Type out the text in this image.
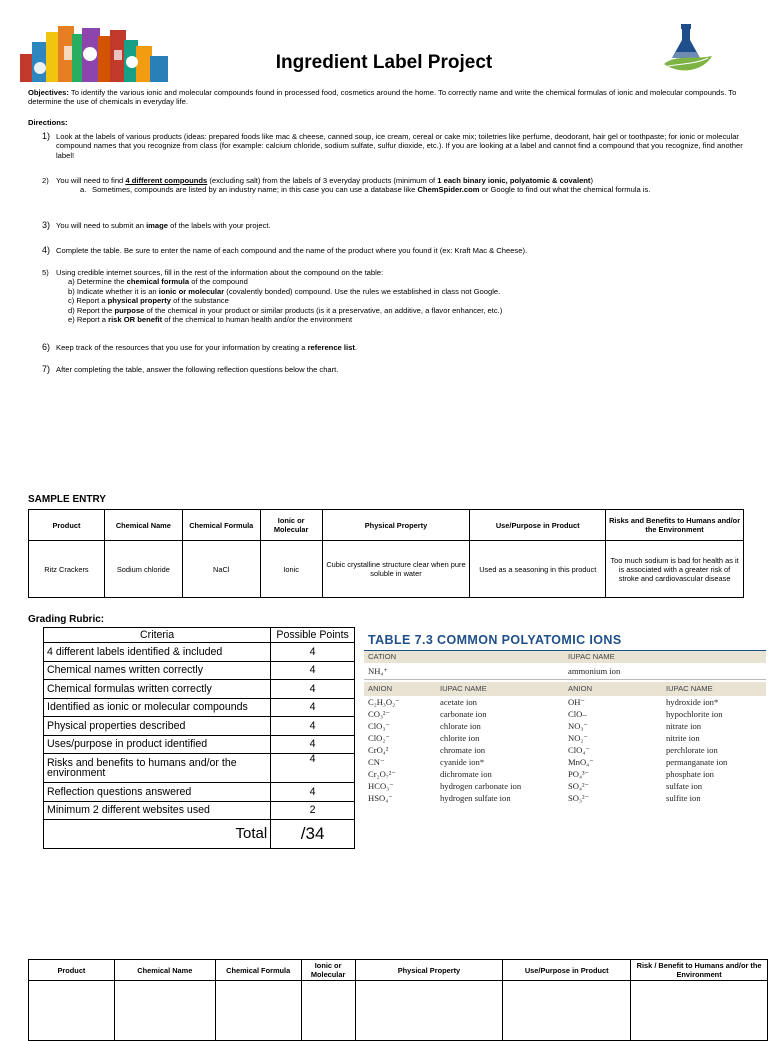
Ingredient Label Project
Objectives: To identify the various ionic and molecular compounds found in processed food, cosmetics around the home. To correctly name and write the chemical formulas of ionic and molecular compounds. To determine the use of chemicals in everyday life.
Directions:
1) Look at the labels of various products (ideas: prepared foods like mac & cheese, canned soup, ice cream, cereal or cake mix; toiletries like perfume, deodorant, hair gel or toothpaste; for ionic or molecular compound names that you recognize from class (for example: calcium chloride, sodium sulfate, sulfur dioxide, etc.). If you are looking at a label and cannot find a compound that you recognize, find another label!
2) You will need to find 4 different compounds (excluding salt) from the labels of 3 everyday products (minimum of 1 each binary ionic, polyatomic & covalent)
a. Sometimes, compounds are listed by an industry name; in this case you can use a database like ChemSpider.com or Google to find out what the chemical formula is.
3) You will need to submit an image of the labels with your project.
4) Complete the table. Be sure to enter the name of each compound and the name of the product where you found it (ex: Kraft Mac & Cheese).
5) Using credible internet sources, fill in the rest of the information about the compound on the table:
a) Determine the chemical formula of the compound
b) Indicate whether it is an ionic or molecular (covalently bonded) compound. Use the rules we established in class not Google.
c) Report a physical property of the substance
d) Report the purpose of the chemical in your product or similar products (is it a preservative, an additive, a flavor enhancer, etc.)
e) Report a risk OR benefit of the chemical to human health and/or the environment
6) Keep track of the resources that you use for your information by creating a reference list.
7) After completing the table, answer the following reflection questions below the chart.
SAMPLE ENTRY
Product	Chemical Name	Chemical Formula	Ionic or Molecular	Physical Property	Use/Purpose in Product	Risks and Benefits to Humans and/or the Environment
Ritz Crackers	Sodium chloride	NaCl	Ionic	Cubic crystalline structure clear when pure soluble in water	Used as a seasoning in this product	Too much sodium is bad for health as it is associated with a greater risk of stroke and cardiovascular disease
Grading Rubric:
Criteria	Possible Points
4 different labels identified & included	4
Chemical names written correctly	4
Chemical formulas written correctly	4
Identified as ionic or molecular compounds	4
Physical properties described	4
Uses/purpose in product identified	4
Risks and benefits to humans and/or the environment	4
Reflection questions answered	4
Minimum 2 different websites used	2
Total	/34
TABLE 7.3 COMMON POLYATOMIC IONS
CATION	IUPAC NAME
NH₄⁺	ammonium ion
ANION	IUPAC NAME	ANION	IUPAC NAME
C₂H₃O₂⁻	acetate ion	OH⁻	hydroxide ion*
CO₃²⁻	carbonate ion	ClO–	hypochlorite ion
ClO₃⁻	chlorate ion	NO₃⁻	nitrate ion
ClO₂⁻	chlorite ion	NO₂⁻	nitrite ion
CrO₄²	chromate ion	ClO₄⁻	perchlorate ion
CN⁻	cyanide ion*	MnO₄⁻	permanganate ion
Cr₂O₇²⁻	dichromate ion	PO₄³⁻	phosphate ion
HCO₃⁻	hydrogen carbonate ion	SO₄²⁻	sulfate ion
HSO₄⁻	hydrogen sulfate ion	SO₃²⁻	sulfite ion
Product	Chemical Name	Chemical Formula	Ionic or Molecular	Physical Property	Use/Purpose in Product	Risk / Benefit to Humans and/or the Environment
